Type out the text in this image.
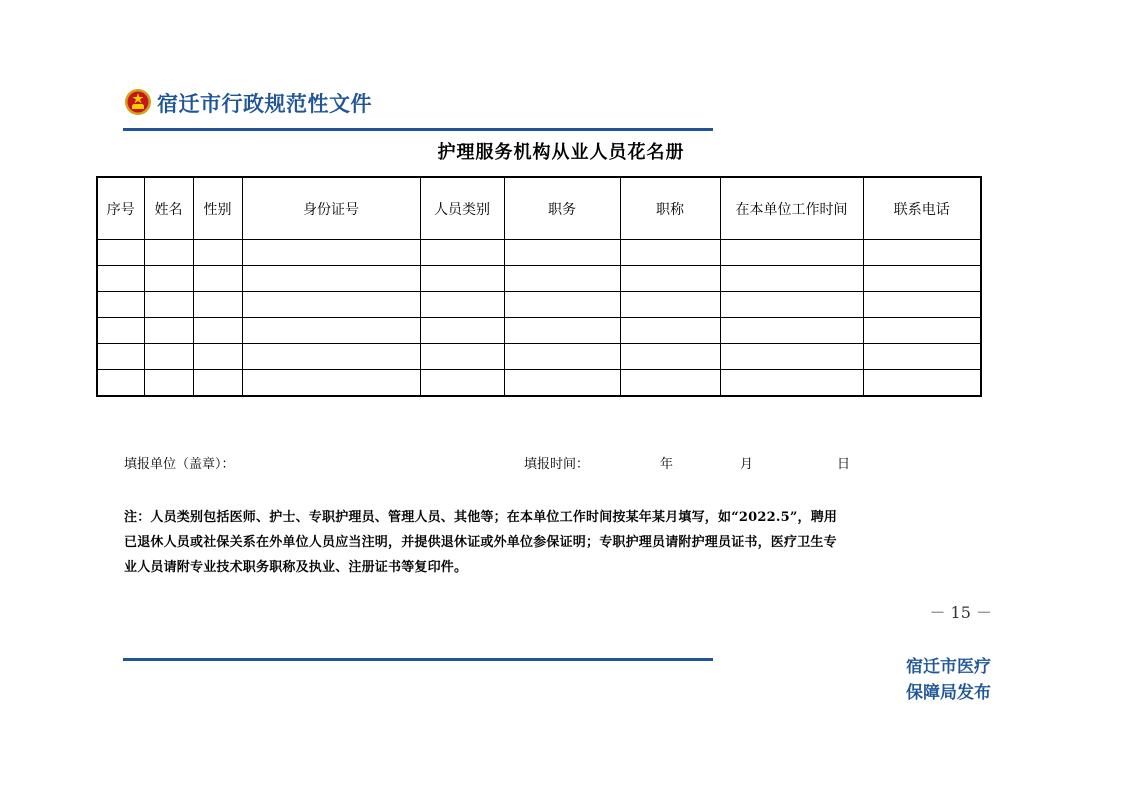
宿迁市行政规范性文件
护理服务机构从业人员花名册
序号	姓名	性别	身份证号	人员类别	职务	职称	在本单位工作时间	联系电话

填报单位（盖章）：	填报时间：	年	月	日
注：人员类别包括医师、护士、专职护理员、管理人员、其他等；在本单位工作时间按某年某月填写，如“2022.5”，聘用
已退休人员或社保关系在外单位人员应当注明，并提供退休证或外单位参保证明；专职护理员请附护理员证书，医疗卫生专
业人员请附专业技术职务职称及执业、注册证书等复印件。
－ 15 －
宿迁市医疗
保障局发布
